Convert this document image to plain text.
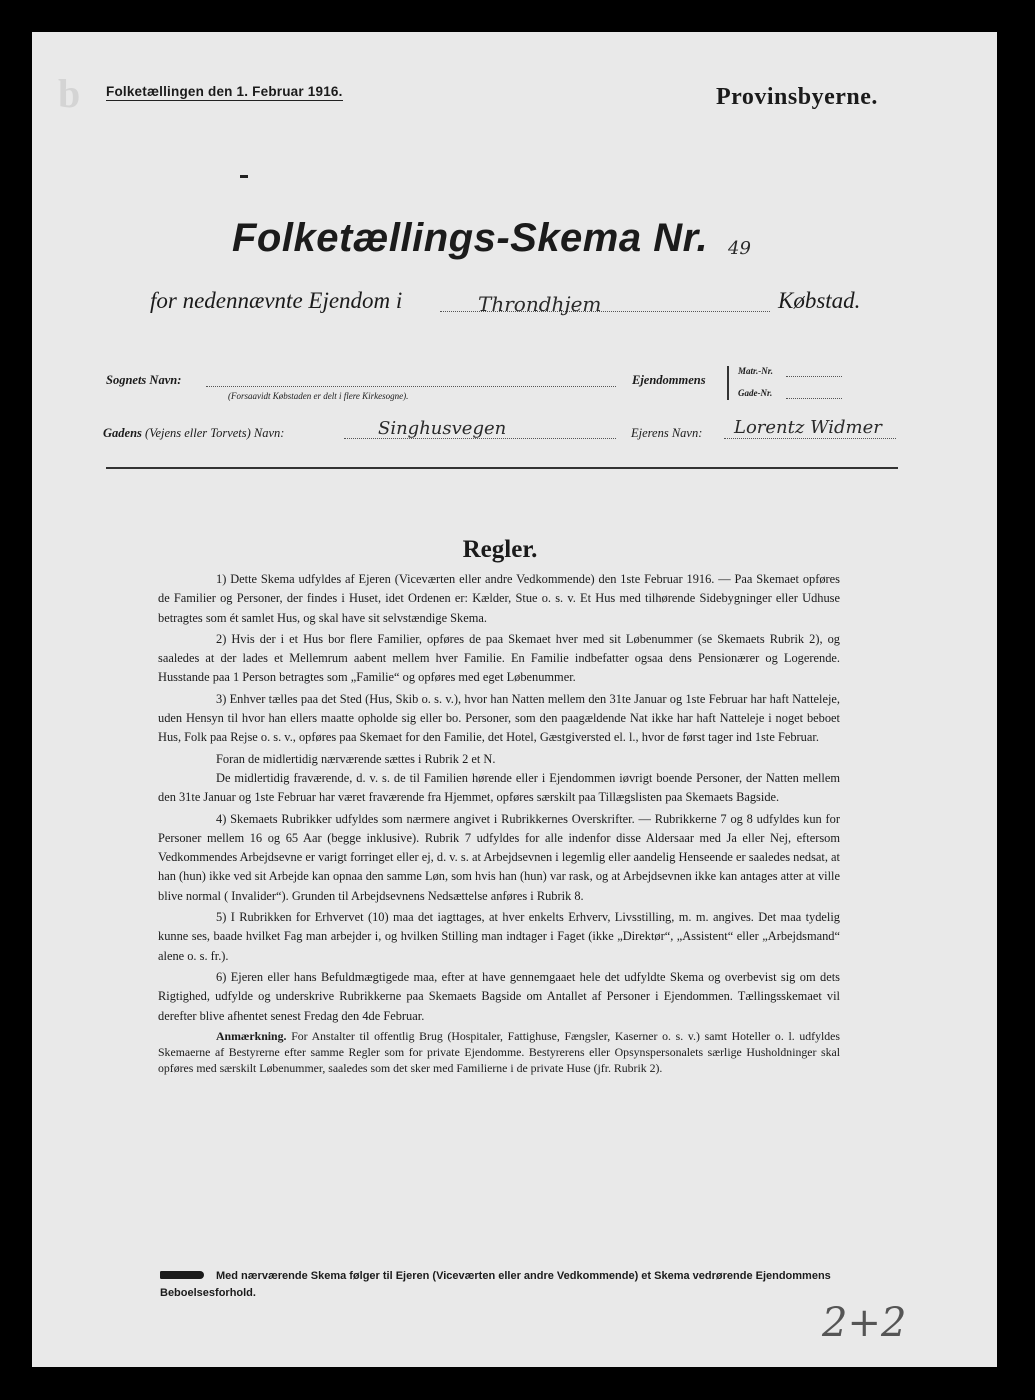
b Folketællingen den 1. Februar 1916.	Provinsbyerne.
Folketællings-Skema Nr. 49
for nedennævnte Ejendom i	Throndhjem	Købstad.
Sognets Navn:
(Forsaavidt Købstaden er delt i flere Kirkesogne).
Ejendommens
Matr.-Nr.
Gade-Nr.
Gadens (Vejens eller Torvets) Navn:	Singhusvegen	Ejerens Navn: Lorentz Widmer
Regler.

1) Dette Skema udfyldes af Ejeren (Viceværten eller andre Vedkommende) den 1ste Februar 1916. — Paa Skemaet opføres de Familier og Personer, der findes i Huset, idet Ordenen er: Kælder, Stue o. s. v. Et Hus med tilhørende Sidebygninger eller Udhuse betragtes som ét samlet Hus, og skal have sit selvstændige Skema.

2) Hvis der i et Hus bor flere Familier, opføres de paa Skemaet hver med sit Løbenummer (se Skemaets Rubrik 2), og saaledes at der lades et Mellemrum aabent mellem hver Familie. En Familie indbefatter ogsaa dens Pensionærer og Logerende. Husstande paa 1 Person betragtes som „Familie“ og opføres med eget Løbenummer.

3) Enhver tælles paa det Sted (Hus, Skib o. s. v.), hvor han Natten mellem den 31te Januar og 1ste Februar har haft Natteleje, uden Hensyn til hvor han ellers maatte opholde sig eller bo. Personer, som den paagældende Nat ikke har haft Natteleje i noget beboet Hus, Folk paa Rejse o. s. v., opføres paa Skemaet for den Familie, det Hotel, Gæstgiversted el. l., hvor de først tager ind 1ste Februar.

Foran de midlertidig nærværende sættes i Rubrik 2 et N.

De midlertidig fraværende, d. v. s. de til Familien hørende eller i Ejendommen iøvrigt boende Personer, der Natten mellem den 31te Januar og 1ste Februar har været fraværende fra Hjemmet, opføres særskilt paa Tillægslisten paa Skemaets Bagside.

4) Skemaets Rubrikker udfyldes som nærmere angivet i Rubrikkernes Overskrifter. — Rubrikkerne 7 og 8 udfyldes kun for Personer mellem 16 og 65 Aar (begge inklusive). Rubrik 7 udfyldes for alle indenfor disse Aldersaar med Ja eller Nej, eftersom Vedkommendes Arbejdsevne er varigt forringet eller ej, d. v. s. at Arbejdsevnen i legemlig eller aandelig Henseende er saaledes nedsat, at han (hun) ikke ved sit Arbejde kan opnaa den samme Løn, som hvis han (hun) var rask, og at Arbejdsevnen ikke kan antages atter at ville blive normal ( Invalider“). Grunden til Arbejdsevnens Nedsættelse anføres i Rubrik 8.

5) I Rubrikken for Erhvervet (10) maa det iagttages, at hver enkelts Erhverv, Livsstilling, m. m. angives. Det maa tydelig kunne ses, baade hvilket Fag man arbejder i, og hvilken Stilling man indtager i Faget (ikke „Direktør“, „Assistent“ eller „Arbejdsmand“ alene o. s. fr.).

6) Ejeren eller hans Befuldmægtigede maa, efter at have gennemgaaet hele det udfyldte Skema og overbevist sig om dets Rigtighed, udfylde og underskrive Rubrikkerne paa Skemaets Bagside om Antallet af Personer i Ejendommen. Tællingsskemaet vil derefter blive afhentet senest Fredag den 4de Februar.

Anmærkning. For Anstalter til offentlig Brug (Hospitaler, Fattighuse, Fængsler, Kaserner o. s. v.) samt Hoteller o. l. udfyldes Skemaerne af Bestyrerne efter samme Regler som for private Ejendomme. Bestyrerens eller Opsynspersonalets særlige Husholdninger skal opføres med særskilt Løbenummer, saaledes som det sker med Familierne i de private Huse (jfr. Rubrik 2).

Med nærværende Skema følger til Ejeren (Viceværten eller andre Vedkommende) et Skema vedrørende Ejendommens Beboelsesforhold.
2+2
